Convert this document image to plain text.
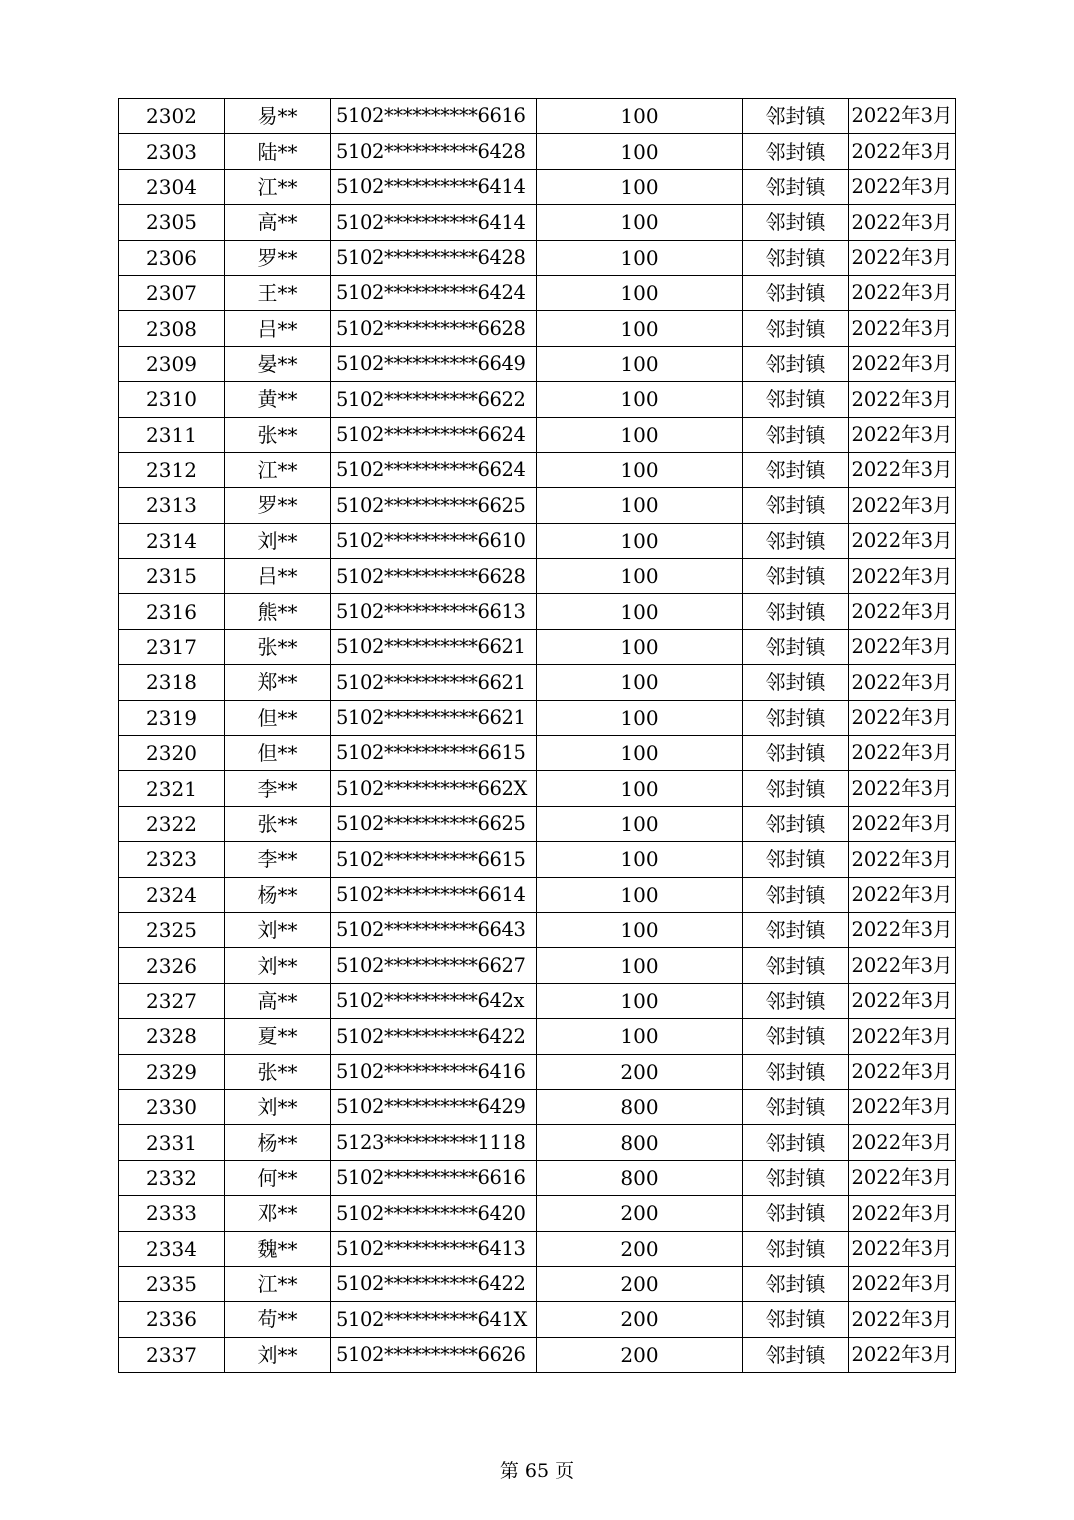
2302	易**	5102**********6616	100	邻封镇	2022年3月
2303	陆**	5102**********6428	100	邻封镇	2022年3月
2304	江**	5102**********6414	100	邻封镇	2022年3月
2305	高**	5102**********6414	100	邻封镇	2022年3月
2306	罗**	5102**********6428	100	邻封镇	2022年3月
2307	王**	5102**********6424	100	邻封镇	2022年3月
2308	吕**	5102**********6628	100	邻封镇	2022年3月
2309	晏**	5102**********6649	100	邻封镇	2022年3月
2310	黄**	5102**********6622	100	邻封镇	2022年3月
2311	张**	5102**********6624	100	邻封镇	2022年3月
2312	江**	5102**********6624	100	邻封镇	2022年3月
2313	罗**	5102**********6625	100	邻封镇	2022年3月
2314	刘**	5102**********6610	100	邻封镇	2022年3月
2315	吕**	5102**********6628	100	邻封镇	2022年3月
2316	熊**	5102**********6613	100	邻封镇	2022年3月
2317	张**	5102**********6621	100	邻封镇	2022年3月
2318	郑**	5102**********6621	100	邻封镇	2022年3月
2319	但**	5102**********6621	100	邻封镇	2022年3月
2320	但**	5102**********6615	100	邻封镇	2022年3月
2321	李**	5102**********662X	100	邻封镇	2022年3月
2322	张**	5102**********6625	100	邻封镇	2022年3月
2323	李**	5102**********6615	100	邻封镇	2022年3月
2324	杨**	5102**********6614	100	邻封镇	2022年3月
2325	刘**	5102**********6643	100	邻封镇	2022年3月
2326	刘**	5102**********6627	100	邻封镇	2022年3月
2327	高**	5102**********642x	100	邻封镇	2022年3月
2328	夏**	5102**********6422	100	邻封镇	2022年3月
2329	张**	5102**********6416	200	邻封镇	2022年3月
2330	刘**	5102**********6429	800	邻封镇	2022年3月
2331	杨**	5123**********1118	800	邻封镇	2022年3月
2332	何**	5102**********6616	800	邻封镇	2022年3月
2333	邓**	5102**********6420	200	邻封镇	2022年3月
2334	魏**	5102**********6413	200	邻封镇	2022年3月
2335	江**	5102**********6422	200	邻封镇	2022年3月
2336	苟**	5102**********641X	200	邻封镇	2022年3月
2337	刘**	5102**********6626	200	邻封镇	2022年3月
第 65 页
